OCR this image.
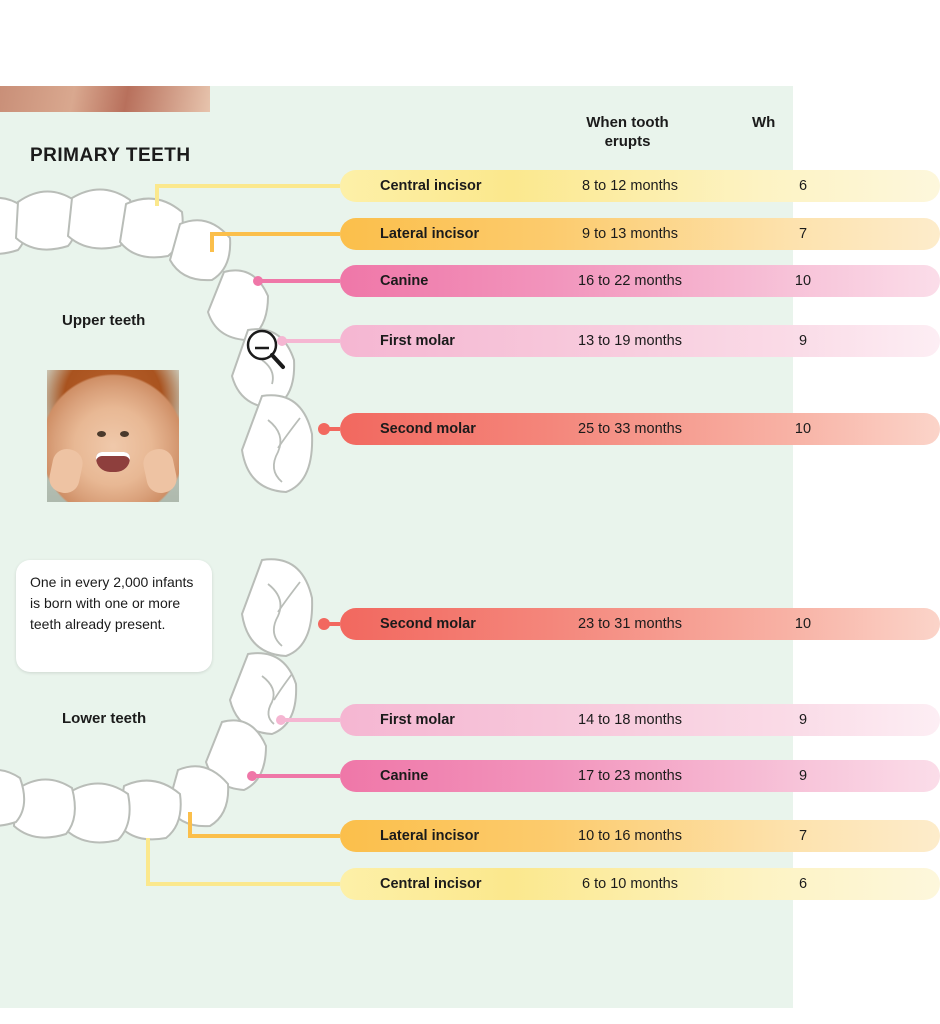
PRIMARY TEETH
When tooth
erupts
Wh
Upper teeth
Lower teeth
One in every 2,000 infants is born with one or more teeth already present.
Central incisor	8 to 12 months	6
Lateral incisor	9 to 13 months	7
Canine	16 to 22 months	10
First molar	13 to 19 months	9
Second molar	25 to 33 months	10
Second molar	23 to 31 months	10
First molar	14 to 18 months	9
Canine	17 to 23 months	9
Lateral incisor	10 to 16 months	7
Central incisor	6 to 10 months	6
